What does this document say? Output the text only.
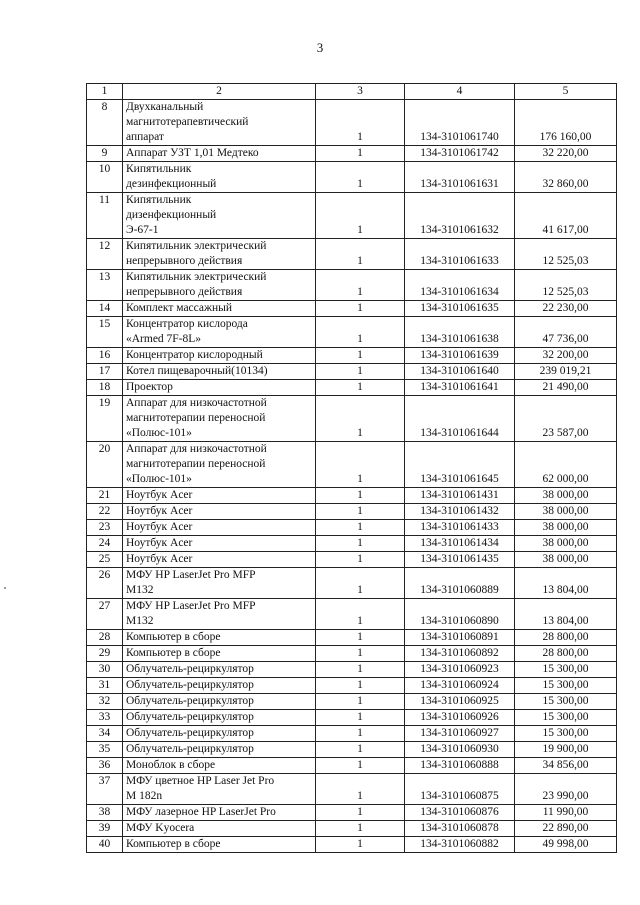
3
1	2	3	4	5
8	Двухканальный
магнитотерапевтический
аппарат	1	134-3101061740	176 160,00
9	Аппарат УЗТ 1,01 Медтеко	1	134-3101061742	32 220,00
10	Кипятильник
дезинфекционный	1	134-3101061631	32 860,00
11	Кипятильник
дизенфекционный
Э-67-1	1	134-3101061632	41 617,00
12	Кипятильник электрический
непрерывного действия	1	134-3101061633	12 525,03
13	Кипятильник электрический
непрерывного действия	1	134-3101061634	12 525,03
14	Комплект массажный	1	134-3101061635	22 230,00
15	Концентратор кислорода
«Armed 7F-8L»	1	134-3101061638	47 736,00
16	Концентратор кислородный	1	134-3101061639	32 200,00
17	Котел пищеварочный(10134)	1	134-3101061640	239 019,21
18	Проектор	1	134-3101061641	21 490,00
19	Аппарат для низкочастотной
магнитотерапии переносной
«Полюс-101»	1	134-3101061644	23 587,00
20	Аппарат для низкочастотной
магнитотерапии переносной
«Полюс-101»	1	134-3101061645	62 000,00
21	Ноутбук Acer	1	134-3101061431	38 000,00
22	Ноутбук Acer	1	134-3101061432	38 000,00
23	Ноутбук Acer	1	134-3101061433	38 000,00
24	Ноутбук Acer	1	134-3101061434	38 000,00
25	Ноутбук Acer	1	134-3101061435	38 000,00
26	МФУ HP LaserJet Pro MFP
M132	1	134-3101060889	13 804,00
27	МФУ HP LaserJet Pro MFP
M132	1	134-3101060890	13 804,00
28	Компьютер в сборе	1	134-3101060891	28 800,00
29	Компьютер в сборе	1	134-3101060892	28 800,00
30	Облучатель-рециркулятор	1	134-3101060923	15 300,00
31	Облучатель-рециркулятор	1	134-3101060924	15 300,00
32	Облучатель-рециркулятор	1	134-3101060925	15 300,00
33	Облучатель-рециркулятор	1	134-3101060926	15 300,00
34	Облучатель-рециркулятор	1	134-3101060927	15 300,00
35	Облучатель-рециркулятор	1	134-3101060930	19 900,00
36	Моноблок в сборе	1	134-3101060888	34 856,00
37	МФУ цветное HP Laser Jet Pro
M 182n	1	134-3101060875	23 990,00
38	МФУ лазерное HP LaserJet Pro	1	134-3101060876	11 990,00
39	МФУ Kyocera	1	134-3101060878	22 890,00
40	Компьютер в сборе	1	134-3101060882	49 998,00
